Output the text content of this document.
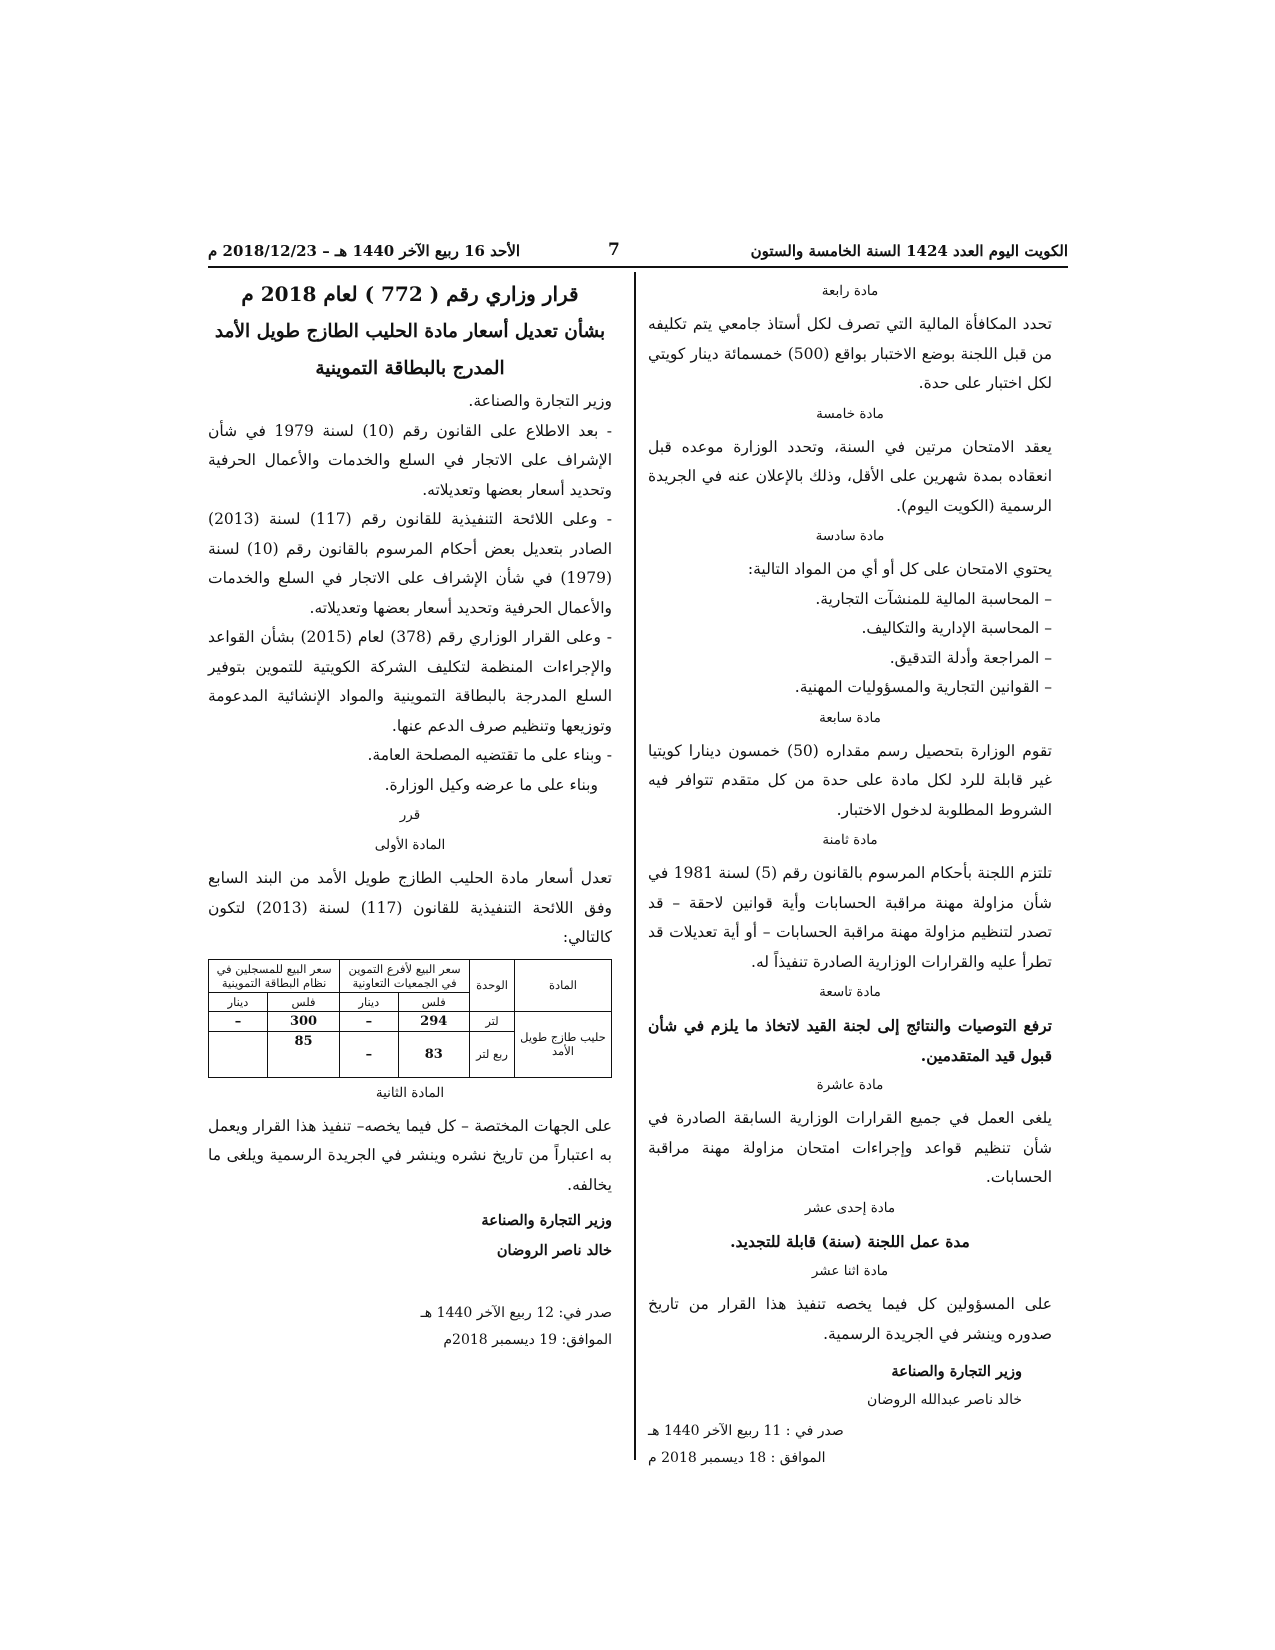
الكويت اليوم العدد 1424 السنة الخامسة والستون
7
الأحد 16 ربيع الآخر 1440 هـ – 2018/12/23 م
مادة رابعة

تحدد المكافأة المالية التي تصرف لكل أستاذ جامعي يتم تكليفه من قبل اللجنة بوضع الاختبار بواقع (500) خمسمائة دينار كويتي لكل اختبار على حدة.

مادة خامسة

يعقد الامتحان مرتين في السنة، وتحدد الوزارة موعده قبل انعقاده بمدة شهرين على الأقل، وذلك بالإعلان عنه في الجريدة الرسمية (الكويت اليوم).

مادة سادسة

يحتوي الامتحان على كل أو أي من المواد التالية:

– المحاسبة المالية للمنشآت التجارية.

– المحاسبة الإدارية والتكاليف.

– المراجعة وأدلة التدقيق.

– القوانين التجارية والمسؤوليات المهنية.

مادة سابعة

تقوم الوزارة بتحصيل رسم مقداره (50) خمسون دينارا كويتيا غير قابلة للرد لكل مادة على حدة من كل متقدم تتوافر فيه الشروط المطلوبة لدخول الاختبار.

مادة ثامنة

تلتزم اللجنة بأحكام المرسوم بالقانون رقم (5) لسنة 1981 في شأن مزاولة مهنة مراقبة الحسابات وأية قوانين لاحقة – قد تصدر لتنظيم مزاولة مهنة مراقبة الحسابات – أو أية تعديلات قد تطرأ عليه والقرارات الوزارية الصادرة تنفيذاً له.

مادة تاسعة

ترفع التوصيات والنتائج إلى لجنة القيد لاتخاذ ما يلزم في شأن قبول قيد المتقدمين.

مادة عاشرة

يلغى العمل في جميع القرارات الوزارية السابقة الصادرة في شأن تنظيم قواعد وإجراءات امتحان مزاولة مهنة مراقبة الحسابات.

مادة إحدى عشر

مدة عمل اللجنة (سنة) قابلة للتجديد.

مادة اثنا عشر

على المسؤولين كل فيما يخصه تنفيذ هذا القرار من تاريخ صدوره وينشر في الجريدة الرسمية.

وزير التجارة والصناعة

خالد ناصر عبدالله الروضان

صدر في : 11 ربيع الآخر 1440 هـ

الموافق : 18 ديسمبر 2018 م

قرار وزاري رقم ( 772 ) لعام 2018 م

بشأن تعديل أسعار مادة الحليب الطازج طويل الأمد

المدرج بالبطاقة التموينية

وزير التجارة والصناعة.

- بعد الاطلاع على القانون رقم (10) لسنة 1979 في شأن الإشراف على الاتجار في السلع والخدمات والأعمال الحرفية وتحديد أسعار بعضها وتعديلاته.

- وعلى اللائحة التنفيذية للقانون رقم (117) لسنة (2013) الصادر بتعديل بعض أحكام المرسوم بالقانون رقم (10) لسنة (1979) في شأن الإشراف على الاتجار في السلع والخدمات والأعمال الحرفية وتحديد أسعار بعضها وتعديلاته.

- وعلى القرار الوزاري رقم (378) لعام (2015) بشأن القواعد والإجراءات المنظمة لتكليف الشركة الكويتية للتموين بتوفير السلع المدرجة بالبطاقة التموينية والمواد الإنشائية المدعومة وتوزيعها وتنظيم صرف الدعم عنها.

- وبناء على ما تقتضيه المصلحة العامة.

وبناء على ما عرضه وكيل الوزارة.

قرر
المادة الأولى

تعدل أسعار مادة الحليب الطازج طويل الأمد من البند السابع وفق اللائحة التنفيذية للقانون (117) لسنة (2013) لتكون كالتالي:

المادة	الوحدة	سعر البيع لأفرع التموين في الجمعيات التعاونية		سعر البيع للمسجلين في نظام البطاقة التموينية	
		فلس	دينار	فلس	دينار
حليب طازج طويل الأمد	لتر	294	–	300	–
	ربع لتر	83	–	85	
المادة الثانية

على الجهات المختصة – كل فيما يخصه– تنفيذ هذا القرار ويعمل به اعتباراً من تاريخ نشره وينشر في الجريدة الرسمية ويلغى ما يخالفه.

وزير التجارة والصناعة

خالد ناصر الروضان

صدر في: 12 ربيع الآخر 1440 هـ

الموافق: 19 ديسمبر 2018م
